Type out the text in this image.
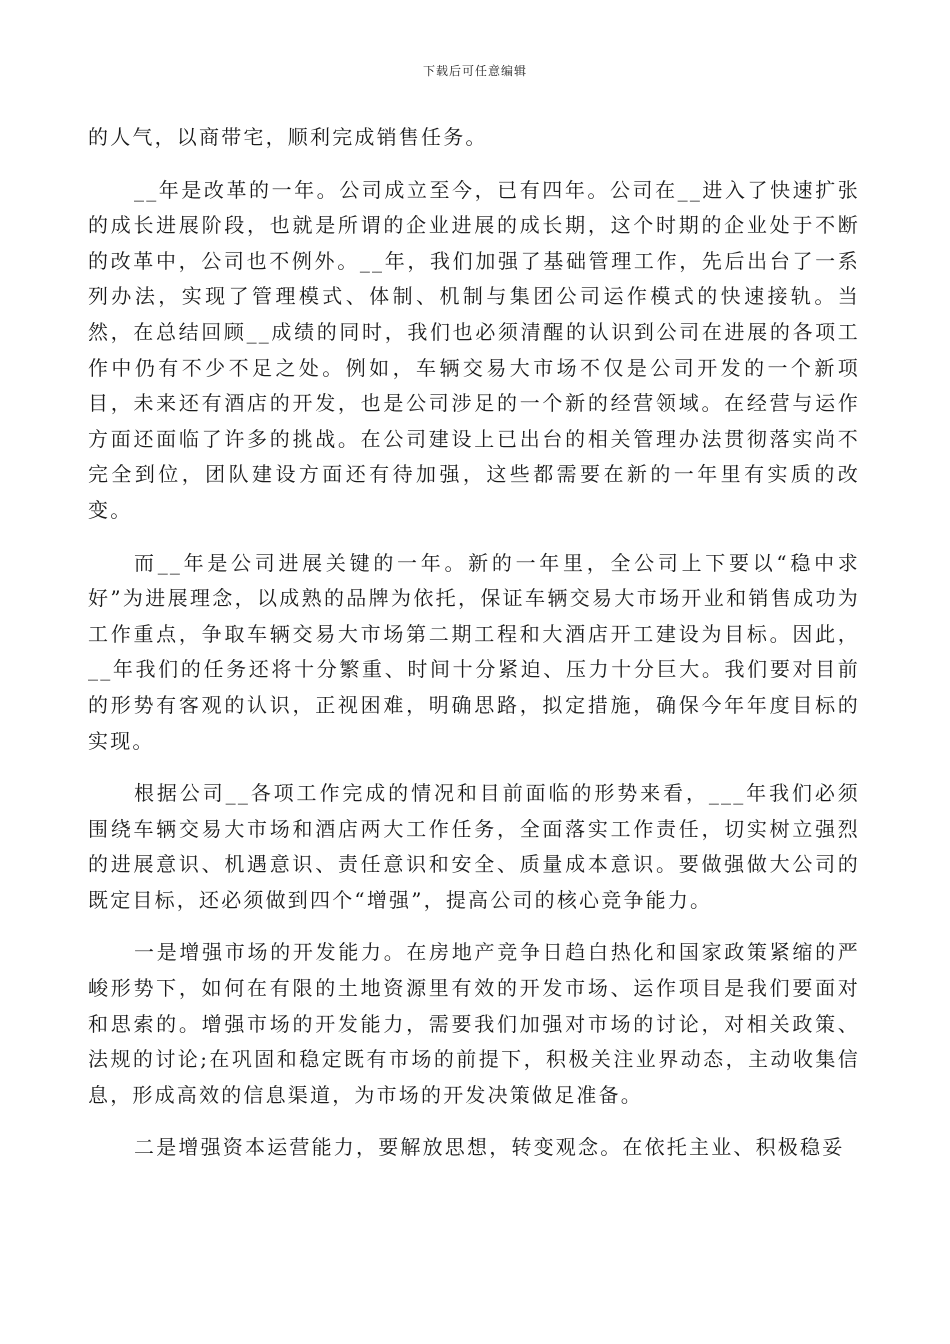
下载后可任意编辑

的人气，以商带宅，顺利完成销售任务。

__年是改革的一年。公司成立至今，已有四年。公司在__进入了快速扩张的成长进展阶段，也就是所谓的企业进展的成长期，这个时期的企业处于不断的改革中，公司也不例外。__年，我们加强了基础管理工作，先后出台了一系列办法，实现了管理模式、体制、机制与集团公司运作模式的快速接轨。当然，在总结回顾__成绩的同时，我们也必须清醒的认识到公司在进展的各项工作中仍有不少不足之处。例如，车辆交易大市场不仅是公司开发的一个新项目，未来还有酒店的开发，也是公司涉足的一个新的经营领域。在经营与运作方面还面临了许多的挑战。在公司建设上已出台的相关管理办法贯彻落实尚不完全到位，团队建设方面还有待加强，这些都需要在新的一年里有实质的改变。

而__年是公司进展关键的一年。新的一年里，全公司上下要以“稳中求好”为进展理念，以成熟的品牌为依托，保证车辆交易大市场开业和销售成功为工作重点，争取车辆交易大市场第二期工程和大酒店开工建设为目标。因此，__年我们的任务还将十分繁重、时间十分紧迫、压力十分巨大。我们要对目前的形势有客观的认识，正视困难，明确思路，拟定措施，确保今年年度目标的实现。

根据公司__各项工作完成的情况和目前面临的形势来看，___年我们必须围绕车辆交易大市场和酒店两大工作任务，全面落实工作责任，切实树立强烈的进展意识、机遇意识、责任意识和安全、质量成本意识。要做强做大公司的既定目标，还必须做到四个“增强”，提高公司的核心竞争能力。

一是增强市场的开发能力。在房地产竞争日趋白热化和国家政策紧缩的严峻形势下，如何在有限的土地资源里有效的开发市场、运作项目是我们要面对和思索的。增强市场的开发能力，需要我们加强对市场的讨论，对相关政策、法规的讨论;在巩固和稳定既有市场的前提下，积极关注业界动态，主动收集信息，形成高效的信息渠道，为市场的开发决策做足准备。

二是增强资本运营能力，要解放思想，转变观念。在依托主业、积极稳妥
